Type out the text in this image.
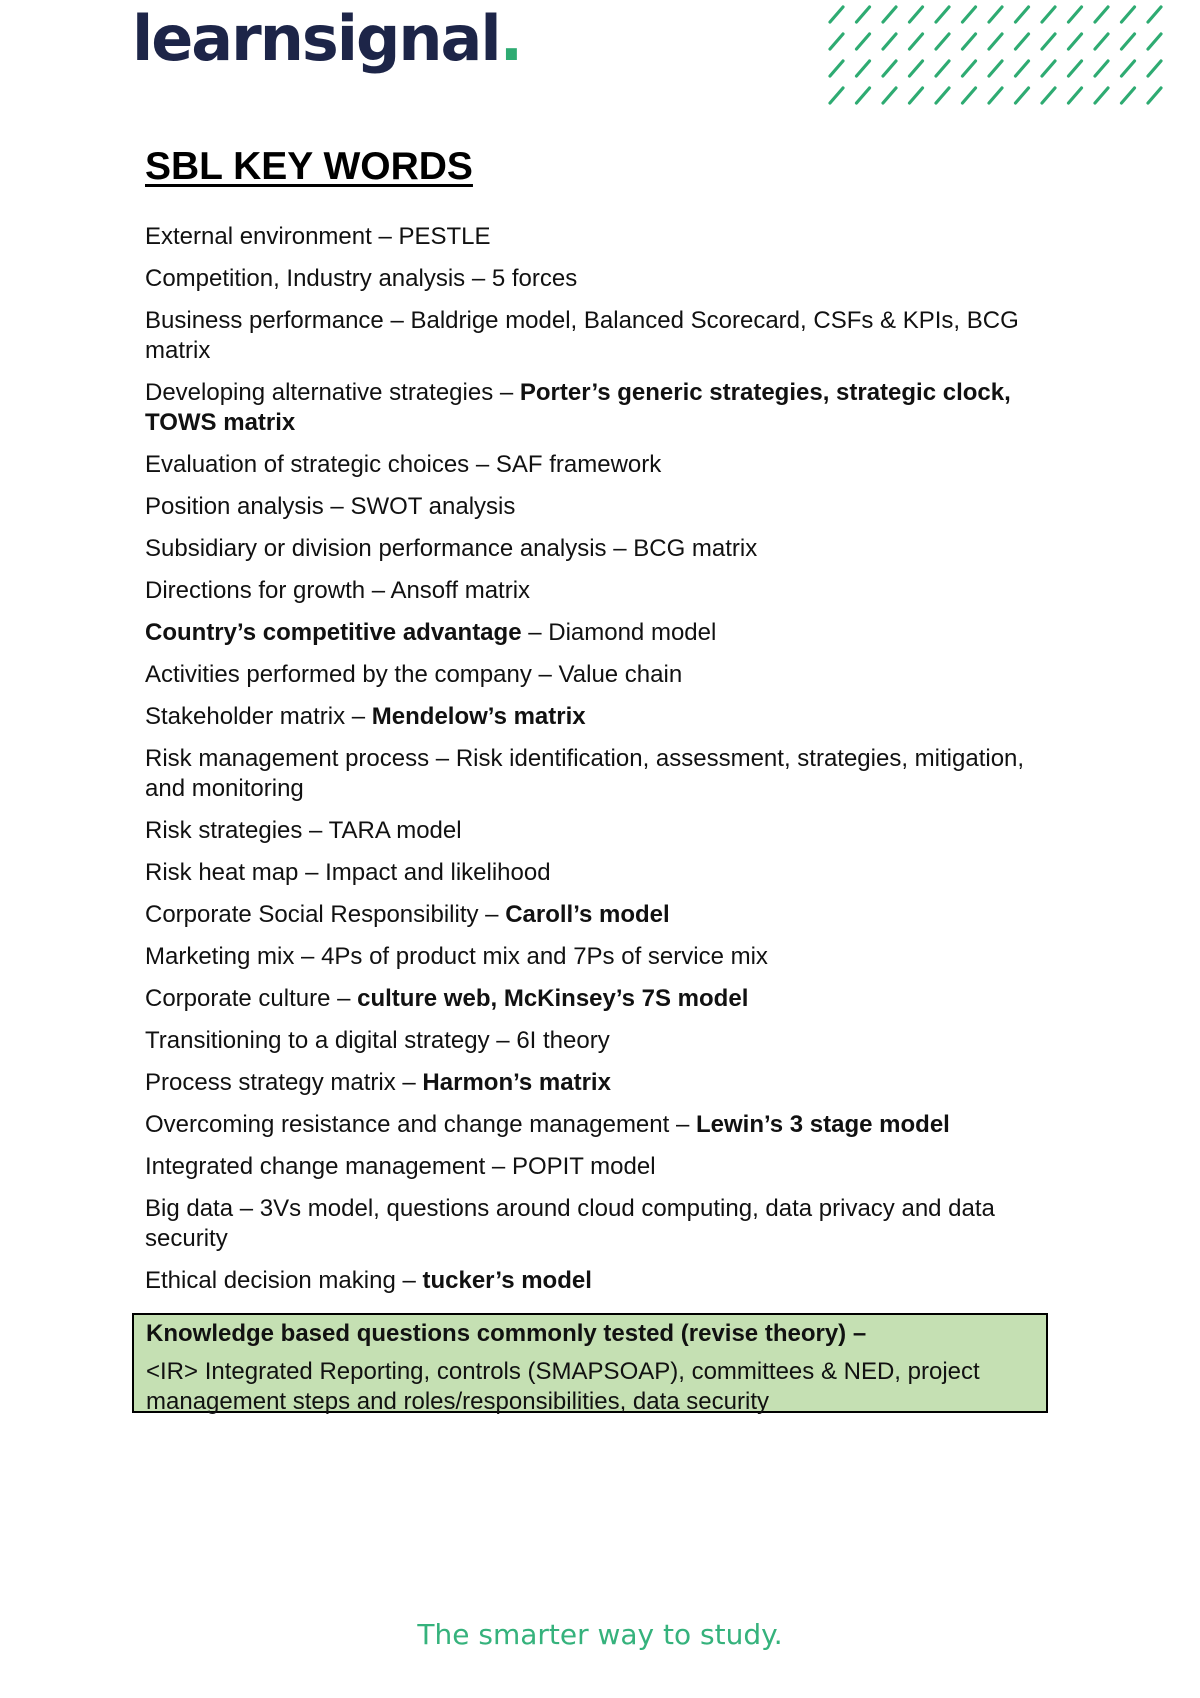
learnsignal.
SBL KEY WORDS
External environment – PESTLE
Competition, Industry analysis – 5 forces
Business performance – Baldrige model, Balanced Scorecard, CSFs & KPIs, BCG matrix
Developing alternative strategies – Porter’s generic strategies, strategic clock, TOWS matrix
Evaluation of strategic choices – SAF framework
Position analysis – SWOT analysis
Subsidiary or division performance analysis – BCG matrix
Directions for growth – Ansoff matrix
Country’s competitive advantage – Diamond model
Activities performed by the company – Value chain
Stakeholder matrix – Mendelow’s matrix
Risk management process – Risk identification, assessment, strategies, mitigation, and monitoring
Risk strategies – TARA model
Risk heat map – Impact and likelihood
Corporate Social Responsibility – Caroll’s model
Marketing mix – 4Ps of product mix and 7Ps of service mix
Corporate culture – culture web, McKinsey’s 7S model
Transitioning to a digital strategy – 6I theory
Process strategy matrix – Harmon’s matrix
Overcoming resistance and change management – Lewin’s 3 stage model
Integrated change management – POPIT model
Big data – 3Vs model, questions around cloud computing, data privacy and data security
Ethical decision making – tucker’s model

Knowledge based questions commonly tested (revise theory) –

<IR> Integrated Reporting, controls (SMAPSOAP), committees & NED, project management steps and roles/responsibilities, data security

The smarter way to study.
